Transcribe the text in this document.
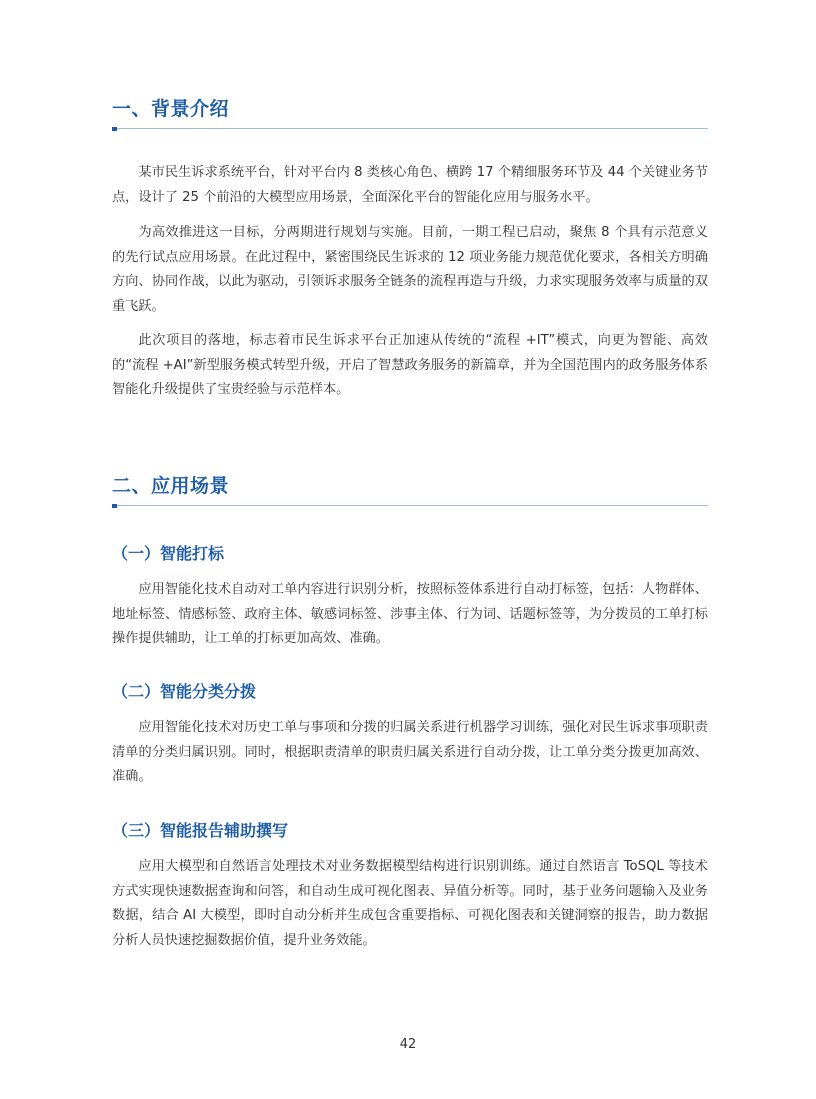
一、背景介绍

某市民生诉求系统平台，针对平台内 8 类核心角色、横跨 17 个精细服务环节及 44 个关键业务节点，设计了 25 个前沿的大模型应用场景，全面深化平台的智能化应用与服务水平。

为高效推进这一目标，分两期进行规划与实施。目前，一期工程已启动，聚焦 8 个具有示范意义的先行试点应用场景。在此过程中，紧密围绕民生诉求的 12 项业务能力规范优化要求，各相关方明确方向、协同作战，以此为驱动，引领诉求服务全链条的流程再造与升级，力求实现服务效率与质量的双重飞跃。

此次项目的落地，标志着市民生诉求平台正加速从传统的“流程 +IT”模式，向更为智能、高效的“流程 +AI”新型服务模式转型升级，开启了智慧政务服务的新篇章，并为全国范围内的政务服务体系智能化升级提供了宝贵经验与示范样本。

二、应用场景
（一）智能打标

应用智能化技术自动对工单内容进行识别分析，按照标签体系进行自动打标签，包括：人物群体、地址标签、情感标签、政府主体、敏感词标签、涉事主体、行为词、话题标签等，为分拨员的工单打标操作提供辅助，让工单的打标更加高效、准确。

（二）智能分类分拨

应用智能化技术对历史工单与事项和分拨的归属关系进行机器学习训练，强化对民生诉求事项职责清单的分类归属识别。同时，根据职责清单的职责归属关系进行自动分拨，让工单分类分拨更加高效、准确。

（三）智能报告辅助撰写

应用大模型和自然语言处理技术对业务数据模型结构进行识别训练。通过自然语言 ToSQL 等技术方式实现快速数据查询和问答，和自动生成可视化图表、异值分析等。同时，基于业务问题输入及业务数据，结合 AI 大模型，即时自动分析并生成包含重要指标、可视化图表和关键洞察的报告，助力数据分析人员快速挖掘数据价值，提升业务效能。

42
